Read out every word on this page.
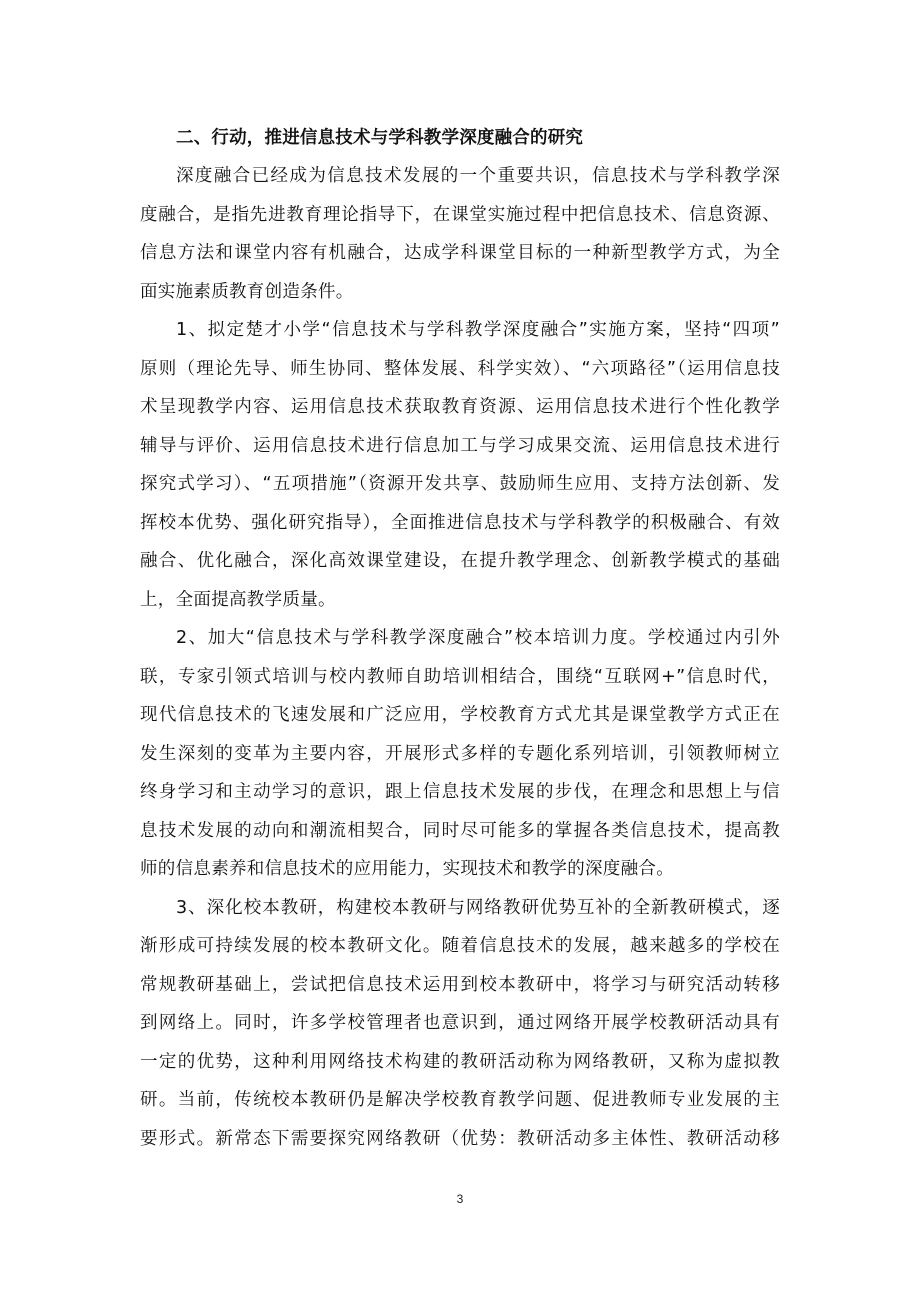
二、行动，推进信息技术与学科教学深度融合的研究
深度融合已经成为信息技术发展的一个重要共识，信息技术与学科教学深
度融合，是指先进教育理论指导下，在课堂实施过程中把信息技术、信息资源、
信息方法和课堂内容有机融合，达成学科课堂目标的一种新型教学方式，为全
面实施素质教育创造条件。
1、拟定楚才小学“信息技术与学科教学深度融合”实施方案，坚持“四项”
原则（理论先导、师生协同、整体发展、科学实效）、“六项路径”（运用信息技
术呈现教学内容、运用信息技术获取教育资源、运用信息技术进行个性化教学
辅导与评价、运用信息技术进行信息加工与学习成果交流、运用信息技术进行
探究式学习）、“五项措施”（资源开发共享、鼓励师生应用、支持方法创新、发
挥校本优势、强化研究指导），全面推进信息技术与学科教学的积极融合、有效
融合、优化融合，深化高效课堂建设，在提升教学理念、创新教学模式的基础
上，全面提高教学质量。
2、加大“信息技术与学科教学深度融合”校本培训力度。学校通过内引外
联，专家引领式培训与校内教师自助培训相结合，围绕“互联网+”信息时代，
现代信息技术的飞速发展和广泛应用，学校教育方式尤其是课堂教学方式正在
发生深刻的变革为主要内容，开展形式多样的专题化系列培训，引领教师树立
终身学习和主动学习的意识，跟上信息技术发展的步伐，在理念和思想上与信
息技术发展的动向和潮流相契合，同时尽可能多的掌握各类信息技术，提高教
师的信息素养和信息技术的应用能力，实现技术和教学的深度融合。
3、深化校本教研，构建校本教研与网络教研优势互补的全新教研模式，逐
渐形成可持续发展的校本教研文化。随着信息技术的发展，越来越多的学校在
常规教研基础上，尝试把信息技术运用到校本教研中，将学习与研究活动转移
到网络上。同时，许多学校管理者也意识到，通过网络开展学校教研活动具有
一定的优势，这种利用网络技术构建的教研活动称为网络教研，又称为虚拟教
研。当前，传统校本教研仍是解决学校教育教学问题、促进教师专业发展的主
要形式。新常态下需要探究网络教研（优势：教研活动多主体性、教研活动移
3
